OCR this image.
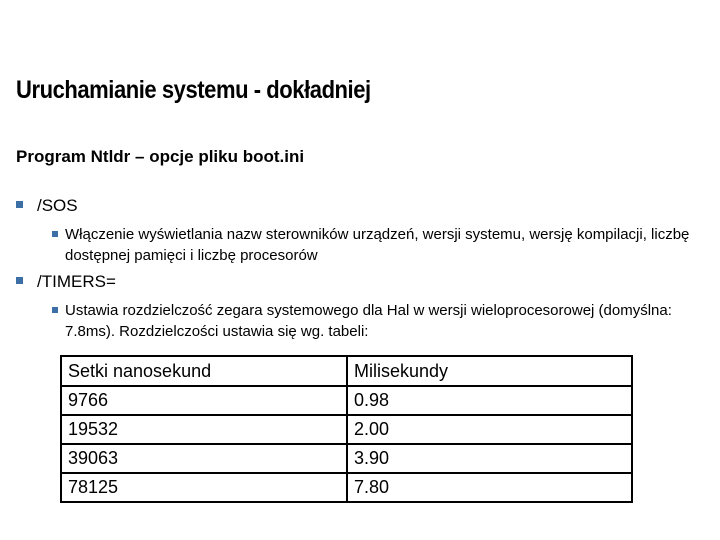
Uruchamianie systemu - dokładniej
Program Ntldr – opcje pliku boot.ini
/SOS
Włączenie wyświetlania nazw sterowników urządzeń, wersji systemu, wersję kompilacji, liczbę dostępnej pamięci i liczbę procesorów
/TIMERS=
Ustawia rozdzielczość zegara systemowego dla Hal w wersji wieloprocesorowej (domyślna: 7.8ms). Rozdzielczości ustawia się wg. tabeli:
Setki nanosekund	Milisekundy
9766	0.98
19532	2.00
39063	3.90
78125	7.80
